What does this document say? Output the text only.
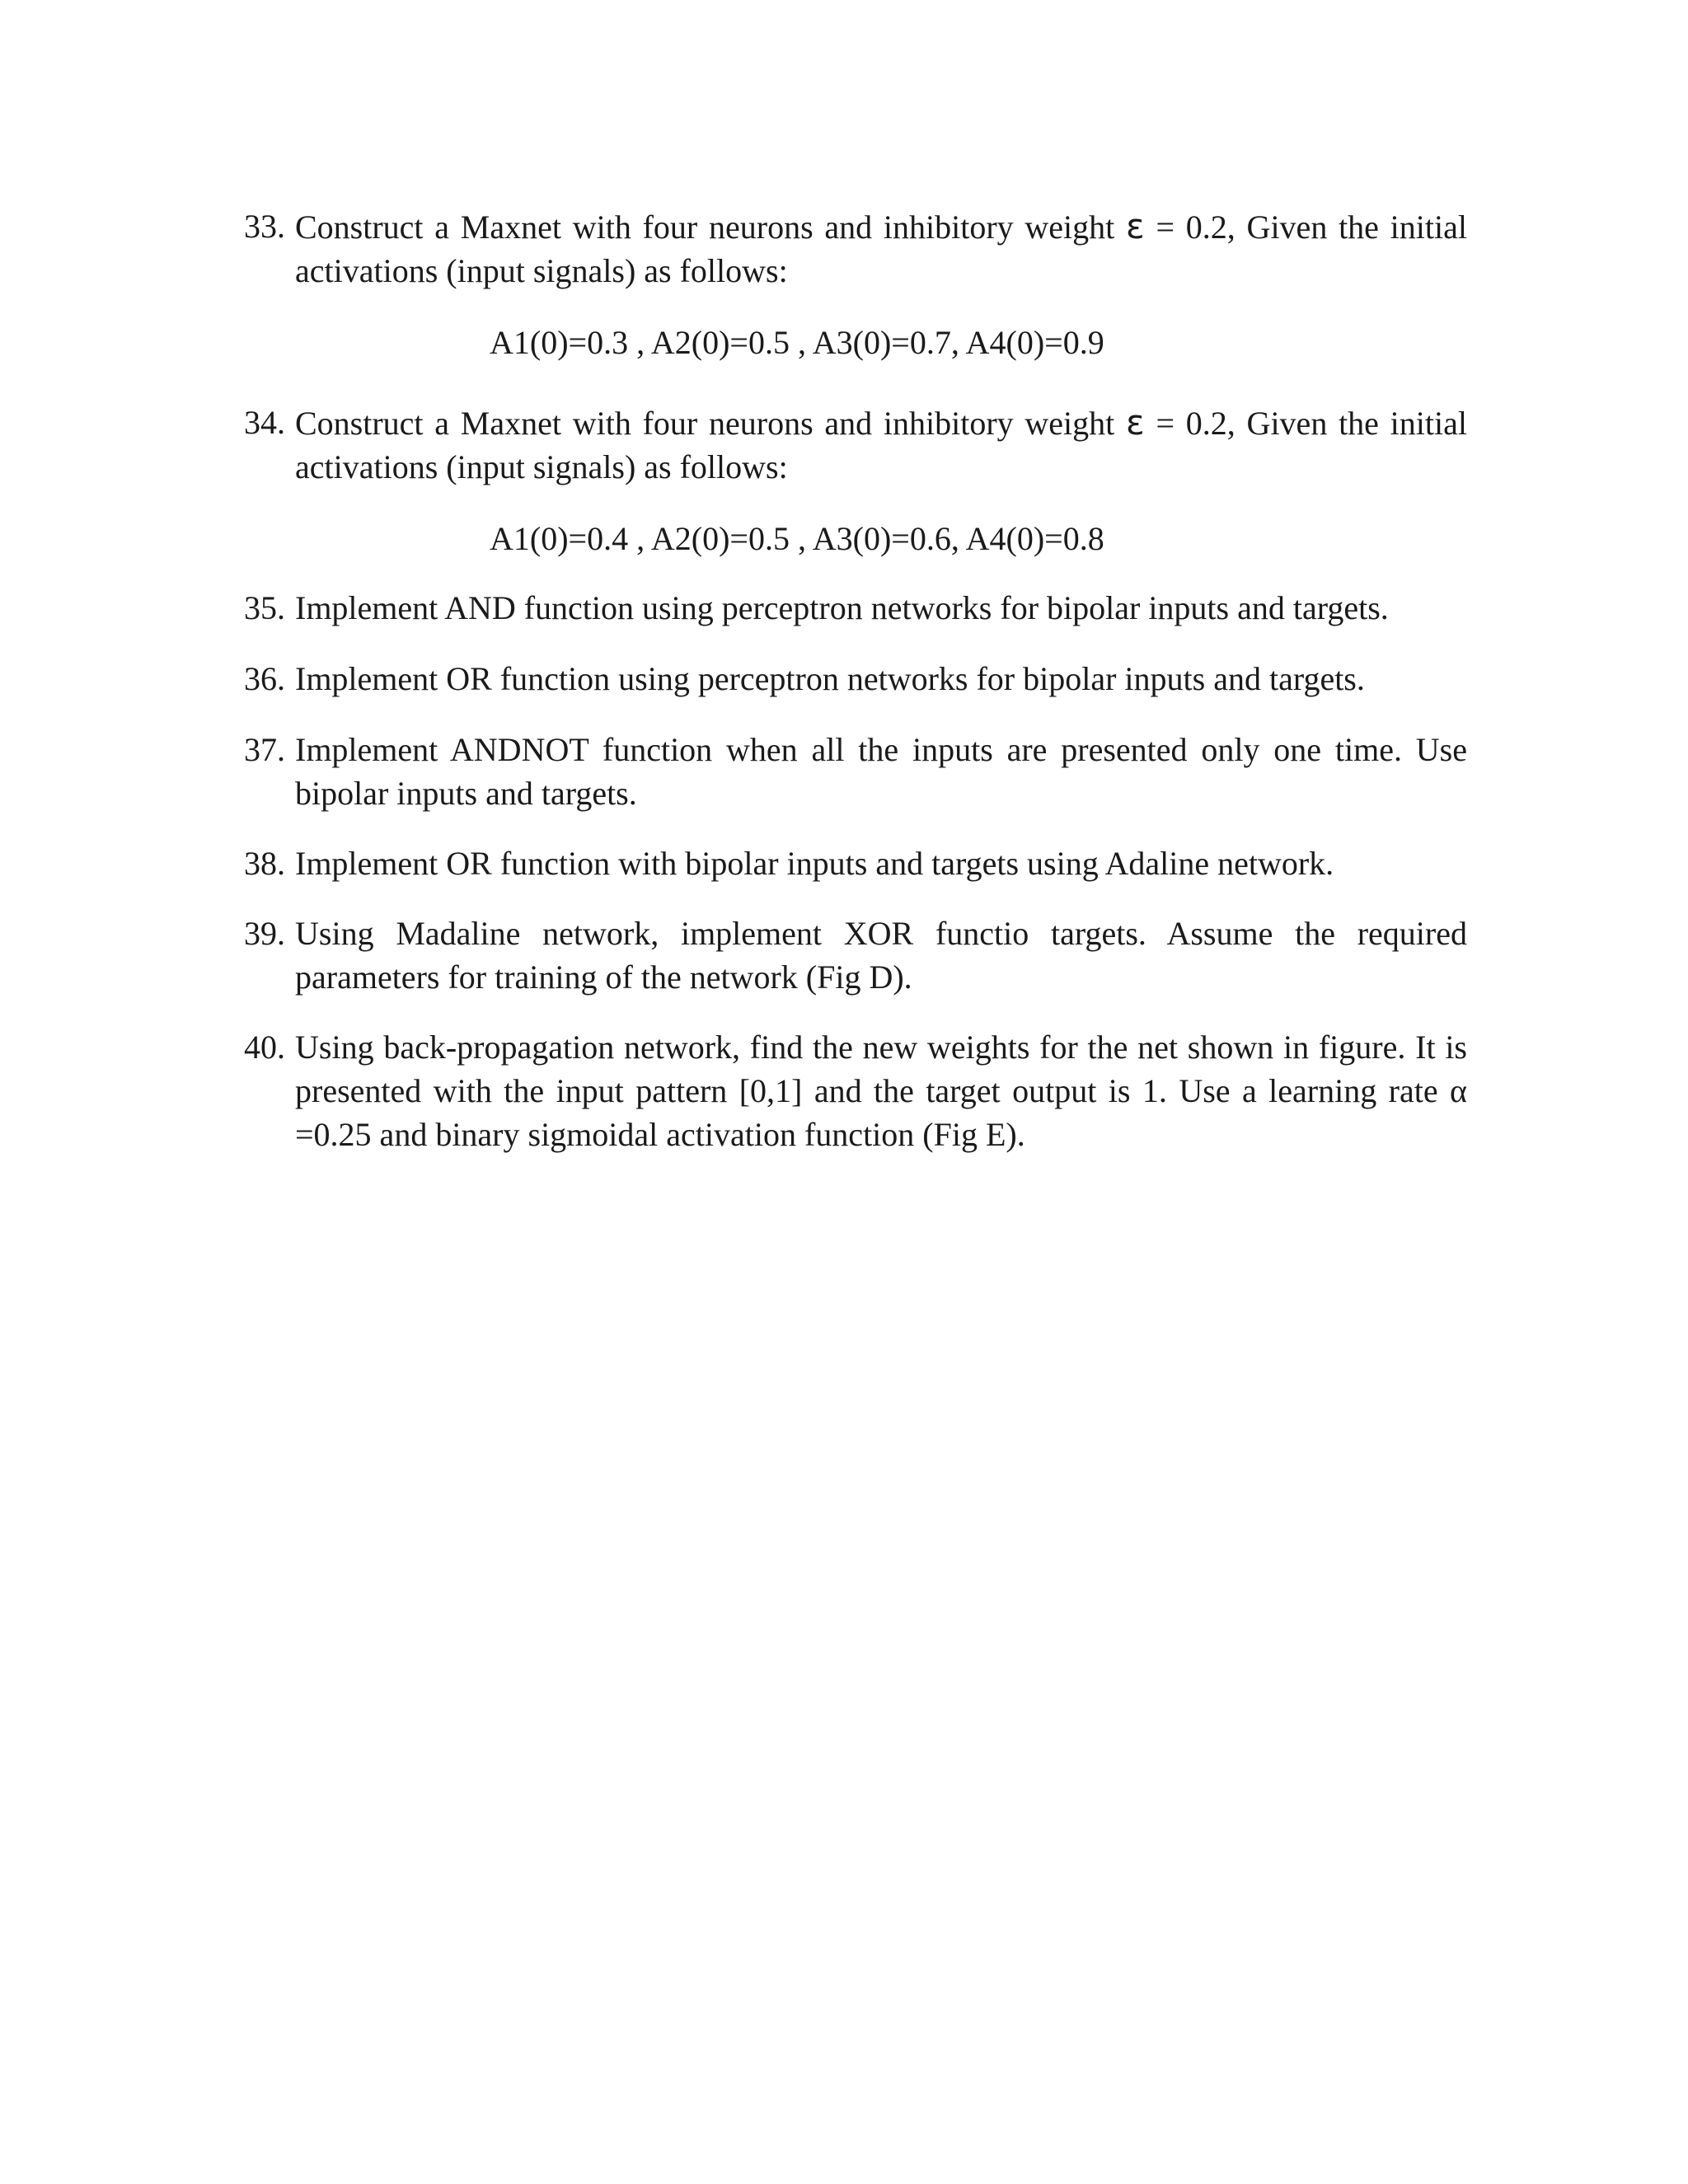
33. Construct a Maxnet with four neurons and inhibitory weight ε = 0.2, Given the initial activations (input signals) as follows:
A1(0)=0.3 , A2(0)=0.5 , A3(0)=0.7, A4(0)=0.9
34. Construct a Maxnet with four neurons and inhibitory weight ε = 0.2, Given the initial activations (input signals) as follows:
A1(0)=0.4 , A2(0)=0.5 , A3(0)=0.6, A4(0)=0.8
35. Implement AND function using perceptron networks for bipolar inputs and targets.
36. Implement OR function using perceptron networks for bipolar inputs and targets.
37. Implement ANDNOT function when all the inputs are presented only one time. Use bipolar inputs and targets.
38. Implement OR function with bipolar inputs and targets using Adaline network.
39. Using Madaline network, implement XOR functio targets. Assume the required parameters for training of the network (Fig D).
40. Using back-propagation network, find the new weights for the net shown in figure. It is presented with the input pattern [0,1] and the target output is 1. Use a learning rate α =0.25 and binary sigmoidal activation function (Fig E).
